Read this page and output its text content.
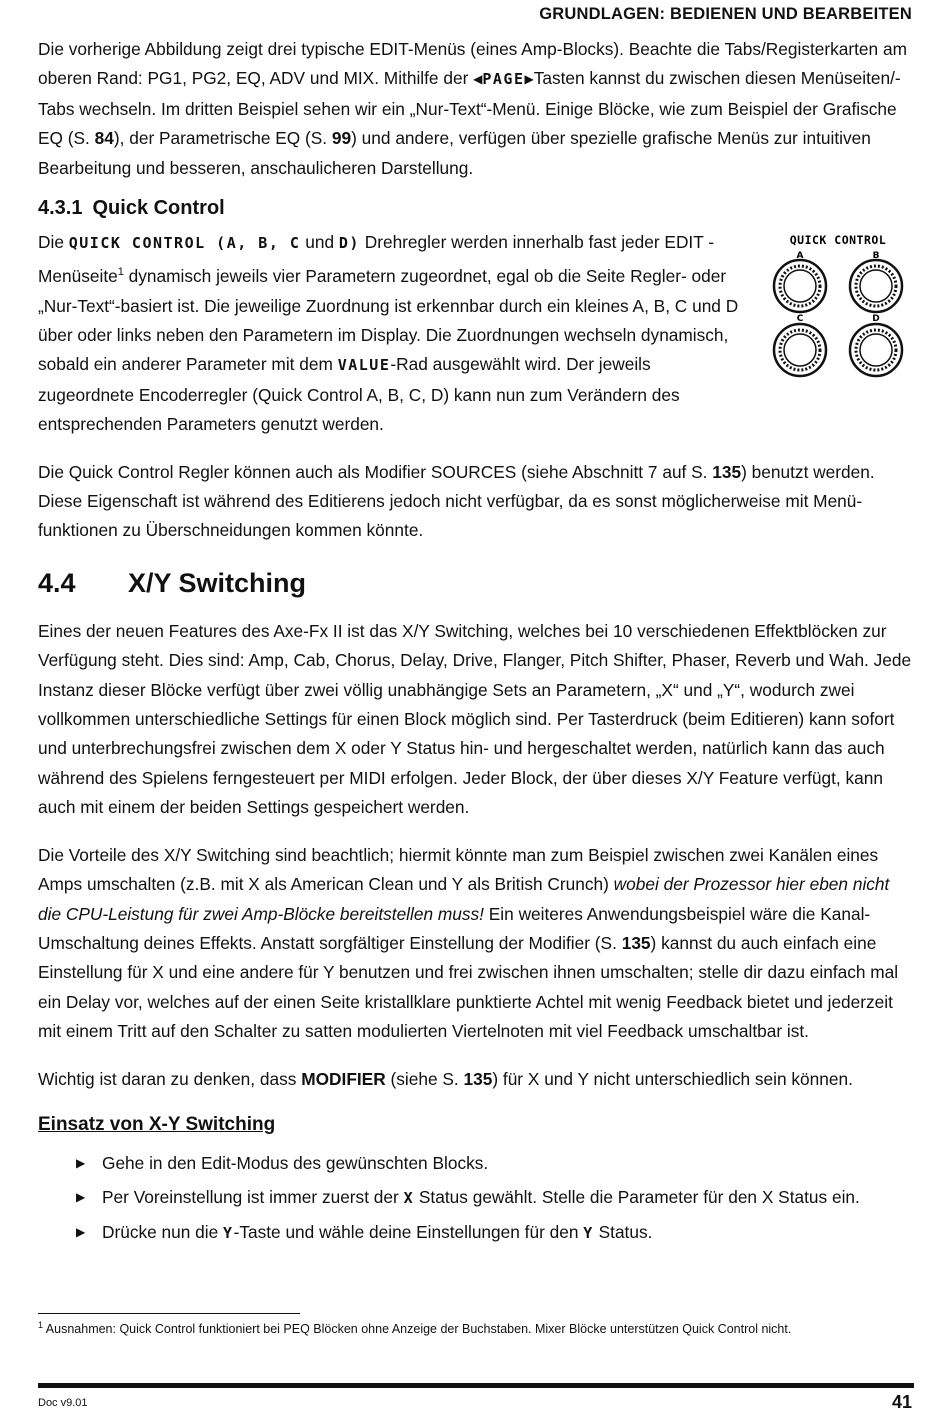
GRUNDLAGEN: BEDIENEN UND BEARBEITEN

Die vorherige Abbildung zeigt drei typische EDIT-Menüs (eines Amp-Blocks). Beachte die Tabs/Registerkarten am oberen Rand: PG1, PG2, EQ, ADV und MIX. Mithilfe der ◀PAGE▶Tasten kannst du zwischen diesen Menüseiten/-Tabs wechseln. Im dritten Beispiel sehen wir ein „Nur-Text“-Menü. Einige Blöcke, wie zum Beispiel der Grafische EQ (S. 84), der Parametrische EQ (S. 99) und andere, verfügen über spezielle grafische Menüs zur intuitiven Bearbeitung und besseren, anschaulicheren Darstellung.

4.3.1 Quick Control

Die QUICK CONTROL (A, B, C und D) Drehregler werden innerhalb fast jeder EDIT -Menüseite$^1$ dynamisch jeweils vier Parametern zugeordnet, egal ob die Seite Regler- oder „Nur-Text“-basiert ist. Die jeweilige Zuordnung ist erkennbar durch ein kleines A, B, C und D über oder links neben den Parametern im Display. Die Zuordnungen wechseln dynamisch, sobald ein anderer Parameter mit dem VALUE-Rad ausgewählt wird. Der jeweils zugeordnete Encoderregler (Quick Control A, B, C, D) kann nun zum Verändern des entsprechenden Parameters genutzt werden.

QUICK CONTROL
A	B
C	D

Die Quick Control Regler können auch als Modifier SOURCES (siehe Abschnitt 7 auf S. 135) benutzt werden. Diese Eigenschaft ist während des Editierens jedoch nicht verfügbar, da es sonst möglicherweise mit Menüfunktionen zu Überschneidungen kommen könnte.

4.4 X/Y Switching

Eines der neuen Features des Axe-Fx II ist das X/Y Switching, welches bei 10 verschiedenen Effektblöcken zur Verfügung steht. Dies sind: Amp, Cab, Chorus, Delay, Drive, Flanger, Pitch Shifter, Phaser, Reverb und Wah. Jede Instanz dieser Blöcke verfügt über zwei völlig unabhängige Sets an Parametern, „X“ und „Y“, wodurch zwei vollkommen unterschiedliche Settings für einen Block möglich sind. Per Tasterdruck (beim Editieren) kann sofort und unterbrechungsfrei zwischen dem X oder Y Status hin- und hergeschaltet werden, natürlich kann das auch während des Spielens ferngesteuert per MIDI erfolgen. Jeder Block, der über dieses X/Y Feature verfügt, kann auch mit einem der beiden Settings gespeichert werden.

Die Vorteile des X/Y Switching sind beachtlich; hiermit könnte man zum Beispiel zwischen zwei Kanälen eines Amps umschalten (z.B. mit X als American Clean und Y als British Crunch) wobei der Prozessor hier eben nicht die CPU-Leistung für zwei Amp-Blöcke bereitstellen muss! Ein weiteres Anwendungsbeispiel wäre die Kanal-Umschaltung deines Effekts. Anstatt sorgfältiger Einstellung der Modifier (S. 135) kannst du auch einfach eine Einstellung für X und eine andere für Y benutzen und frei zwischen ihnen umschalten; stelle dir dazu einfach mal ein Delay vor, welches auf der einen Seite kristallklare punktierte Achtel mit wenig Feedback bietet und jederzeit mit einem Tritt auf den Schalter zu satten modulierten Viertelnoten mit viel Feedback umschaltbar ist.

Wichtig ist daran zu denken, dass MODIFIER (siehe S. 135) für X und Y nicht unterschiedlich sein können.

Einsatz von X-Y Switching
▶ Gehe in den Edit-Modus des gewünschten Blocks.
▶ Per Voreinstellung ist immer zuerst der X Status gewählt. Stelle die Parameter für den X Status ein.
▶ Drücke nun die Y-Taste und wähle deine Einstellungen für den Y Status.
$^1$ Ausnahmen: Quick Control funktioniert bei PEQ Blöcken ohne Anzeige der Buchstaben. Mixer Blöcke unterstützen Quick Control nicht.
Doc v9.01	41
